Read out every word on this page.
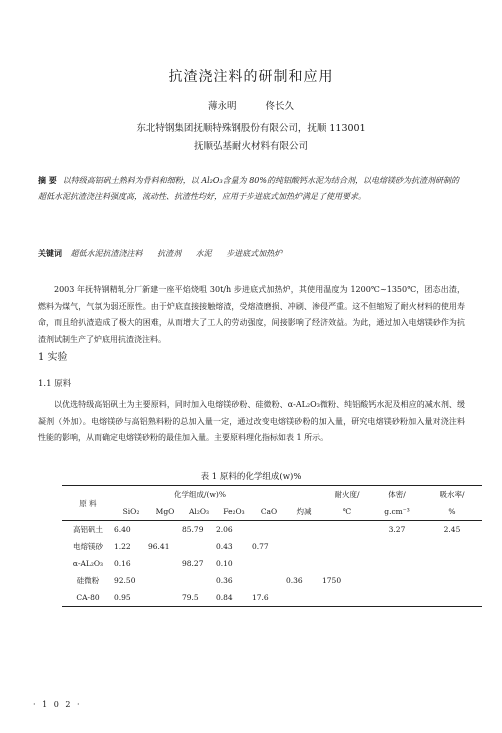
抗渣浇注料的研制和应用
薄永明	佟长久
东北特钢集团抚顺特殊钢股份有限公司，抚顺 113001
抚顺弘基耐火材料有限公司
摘 要 以特级高铝矾土熟料为骨料和细粉，以 Al₂O₃含量为 80%的纯铝酸钙水泥为结合剂，以电熔镁砂为抗渣剂研制的超低水泥抗渣浇注料强度高，流动性、抗渣性均好，应用于步进底式加热炉满足了使用要求。
关键词 超低水泥抗渣浇注料 抗渣剂 水泥 步进底式加热炉
2003 年抚特钢精轧分厂新建一座平焰烧咀 30t/h 步进底式加热炉，其使用温度为 1200℃~1350℃，团态出渣，燃料为煤气，气氛为弱还原性。由于炉底直接接触熔渣，受熔渣磨损、冲刷、渗侵严重。这不但缩短了耐火材料的使用寿命，而且给扒渣造成了极大的困难，从而增大了工人的劳动强度，间接影响了经济效益。为此，通过加入电熔镁砂作为抗渣剂试制生产了炉底用抗渣浇注料。
1 实验
1.1 原料
以优选特级高铝矾土为主要原料，同时加入电熔镁砂粉、硅微粉、α-AL₂O₃微粉、纯铝酸钙水泥及相应的减水剂、缓凝剂（外加）。电熔镁砂与高铝熟料粉的总加入量一定，通过改变电熔镁砂粉的加入量，研究电熔镁砂粉加入量对浇注料性能的影响，从而确定电熔镁砂粉的最佳加入量。主要原料理化指标如表 1 所示。
表 1 原料的化学组成(w)%
原 料	化学组成/(w)%						耐火度/	体密/	吸水率/
	SiO₂	MgO	Al₂O₃	Fe₂O₃	CaO	灼减	℃	g.cm⁻³	%
高铝矾土	6.40		85.79	2.06				3.27	2.45
电熔镁砂	1.22	96.41		0.43	0.77				
α-AL₂O₃	0.16		98.27	0.10					
硅微粉	92.50			0.36		0.36	1750		
CA-80	0.95		79.5	0.84	17.6				
· 1 0 2 ·
